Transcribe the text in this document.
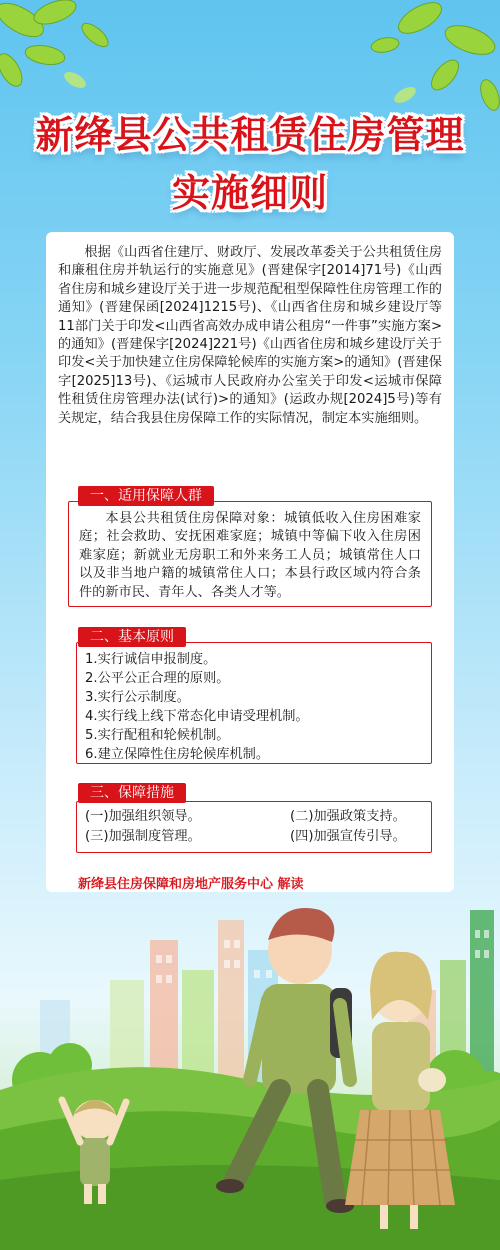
新绛县公共租赁住房管理
实施细则

根据《山西省住建厅、财政厅、发展改革委关于公共租赁住房和廉租住房并轨运行的实施意见》(晋建保字[2014]71号)《山西省住房和城乡建设厅关于进一步规范配租型保障性住房管理工作的通知》(晋建保函[2024]1215号)、《山西省住房和城乡建设厅等11部门关于印发<山西省高效办成申请公租房“一件事”实施方案>的通知》(晋建保字[2024]221号)《山西省住房和城乡建设厅关于印发<关于加快建立住房保障轮候库的实施方案>的通知》(晋建保字[2025]13号)、《运城市人民政府办公室关于印发<运城市保障性租赁住房管理办法(试行)>的通知》(运政办规[2024]5号)等有关规定，结合我县住房保障工作的实际情况，制定本实施细则。

一、适用保障人群
本县公共租赁住房保障对象：城镇低收入住房困难家庭；社会救助、安抚困难家庭；城镇中等偏下收入住房困难家庭；新就业无房职工和外来务工人员；城镇常住人口以及非当地户籍的城镇常住人口；本县行政区域内符合条件的新市民、青年人、各类人才等。
二、基本原则
1.实行诚信申报制度。
2.公平公正合理的原则。
3.实行公示制度。
4.实行线上线下常态化申请受理机制。
5.实行配租和轮候机制。
6.建立保障性住房轮候库机制。
三、保障措施
(一)加强组织领导。	(二)加强政策支持。
(三)加强制度管理。	(四)加强宣传引导。
新绛县住房保障和房地产服务中心 解读
